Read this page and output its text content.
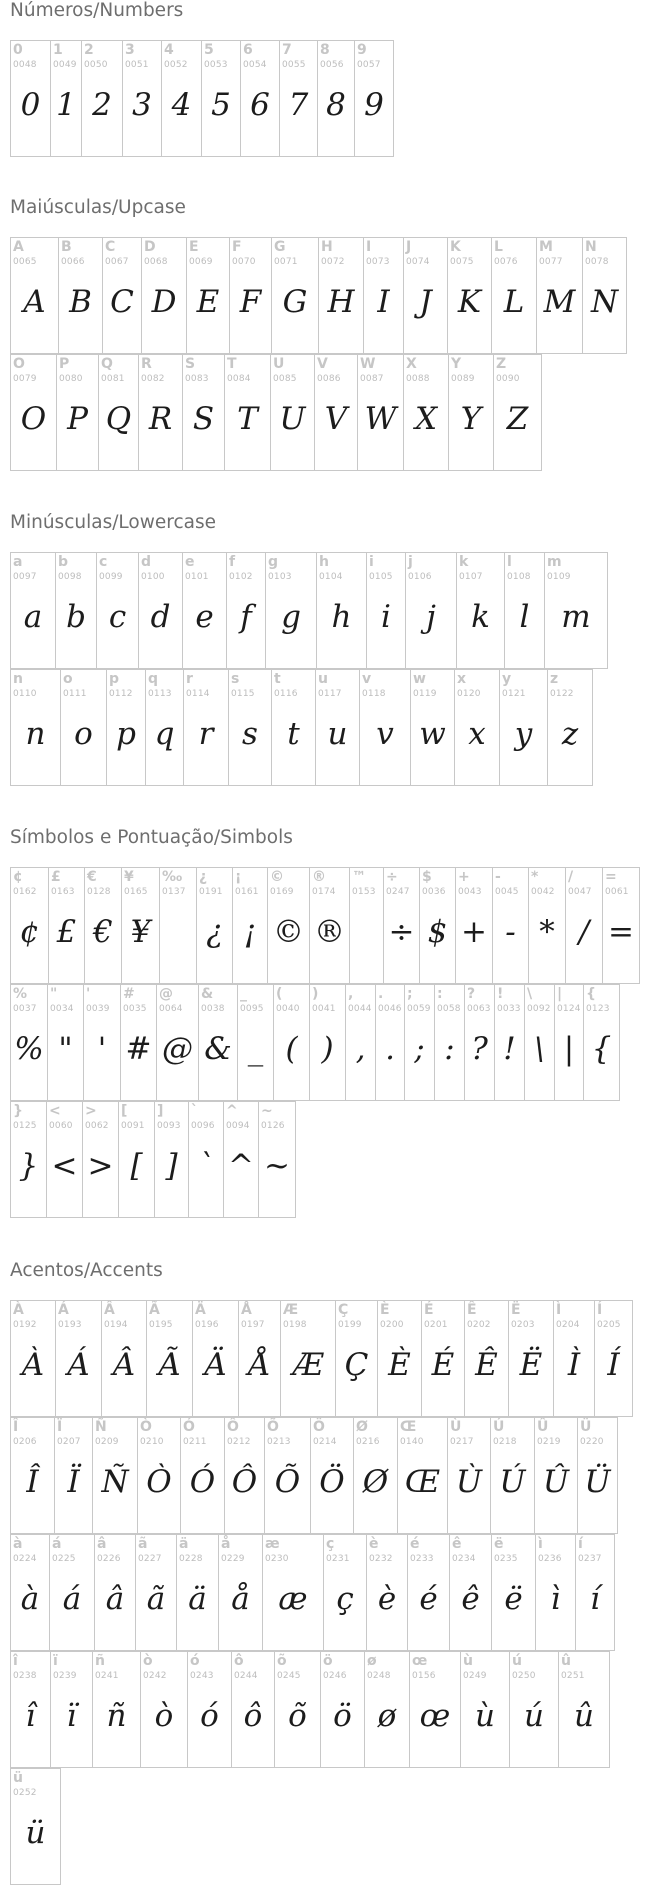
Números/Numbers
0
0048
0
1
0049
1
2
0050
2
3
0051
3
4
0052
4
5
0053
5
6
0054
6
7
0055
7
8
0056
8
9
0057
9
Maiúsculas/Upcase
A
0065
A
B
0066
B
C
0067
C
D
0068
D
E
0069
E
F
0070
F
G
0071
G
H
0072
H
I
0073
I
J
0074
J
K
0075
K
L
0076
L
M
0077
M
N
0078
N
O
0079
O
P
0080
P
Q
0081
Q
R
0082
R
S
0083
S
T
0084
T
U
0085
U
V
0086
V
W
0087
W
X
0088
X
Y
0089
Y
Z
0090
Z
Minúsculas/Lowercase
a
0097
a
b
0098
b
c
0099
c
d
0100
d
e
0101
e
f
0102
f
g
0103
g
h
0104
h
i
0105
i
j
0106
j
k
0107
k
l
0108
l
m
0109
m
n
0110
n
o
0111
o
p
0112
p
q
0113
q
r
0114
r
s
0115
s
t
0116
t
u
0117
u
v
0118
v
w
0119
w
x
0120
x
y
0121
y
z
0122
z
Símbolos e Pontuação/Simbols
¢
0162
¢
£
0163
£
€
0128
€
¥
0165
¥
‰
0137
¿
0191
¿
¡
0161
¡
©
0169
©
®
0174
®
™
0153
÷
0247
÷
$
0036
$
+
0043
+
-
0045
-
*
0042
*
/
0047
/
=
0061
=
%
0037
%
"
0034
"
'
0039
'
#
0035
#
@
0064
@
&
0038
&
_
0095
_
(
0040
(
)
0041
)
,
0044
,
.
0046
.
;
0059
;
:
0058
:
?
0063
?
!
0033
!
\
0092
\
|
0124
|
{
0123
{
}
0125
}
<
0060
<
>
0062
>
[
0091
[
]
0093
]
`
0096
`
^
0094
^
~
0126
~
Acentos/Accents
À
0192
À
Á
0193
Á
Â
0194
Â
Ã
0195
Ã
Ä
0196
Ä
Å
0197
Å
Æ
0198
Æ
Ç
0199
Ç
È
0200
È
É
0201
É
Ê
0202
Ê
Ë
0203
Ë
Ì
0204
Ì
Í
0205
Í
Î
0206
Î
Ï
0207
Ï
Ñ
0209
Ñ
Ò
0210
Ò
Ó
0211
Ó
Ô
0212
Ô
Õ
0213
Õ
Ö
0214
Ö
Ø
0216
Ø
Œ
0140
Œ
Ù
0217
Ù
Ú
0218
Ú
Û
0219
Û
Ü
0220
Ü
à
0224
à
á
0225
á
â
0226
â
ã
0227
ã
ä
0228
ä
å
0229
å
æ
0230
æ
ç
0231
ç
è
0232
è
é
0233
é
ê
0234
ê
ë
0235
ë
ì
0236
ì
í
0237
í
î
0238
î
ï
0239
ï
ñ
0241
ñ
ò
0242
ò
ó
0243
ó
ô
0244
ô
õ
0245
õ
ö
0246
ö
ø
0248
ø
œ
0156
œ
ù
0249
ù
ú
0250
ú
û
0251
û
ü
0252
ü
